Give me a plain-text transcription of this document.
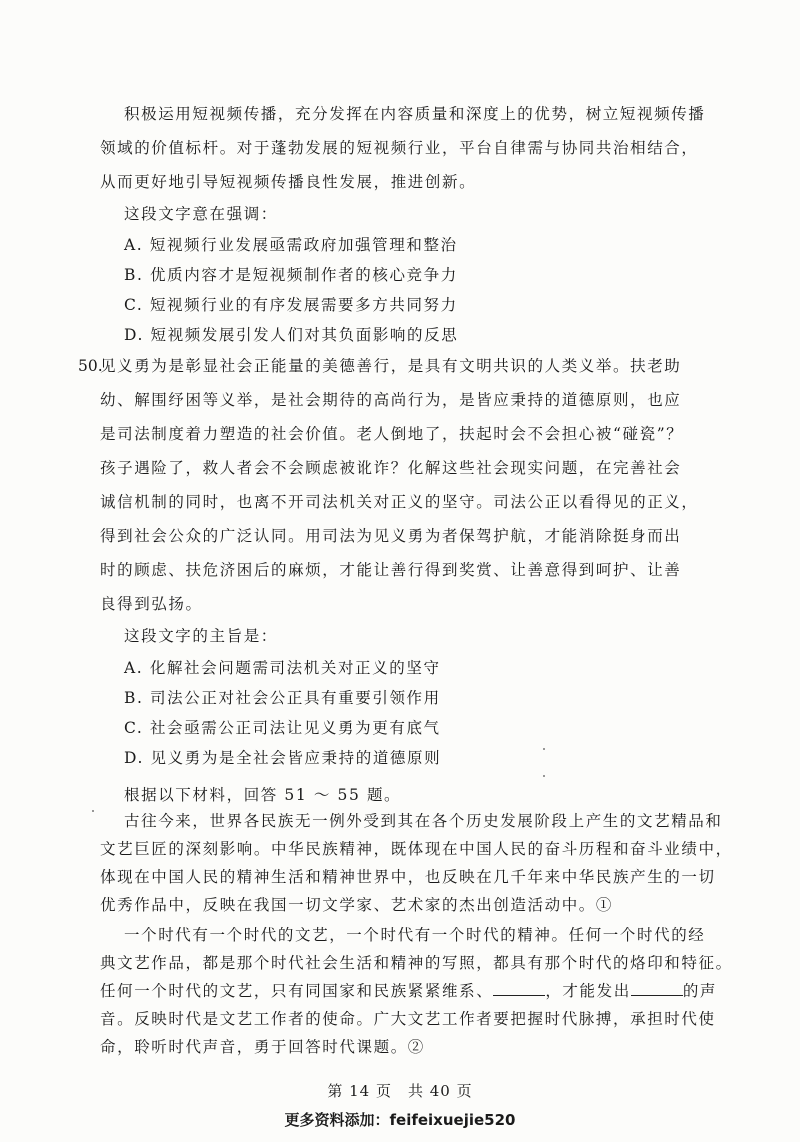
积极运用短视频传播，充分发挥在内容质量和深度上的优势，树立短视频传播
领域的价值标杆。对于蓬勃发展的短视频行业，平台自律需与协同共治相结合，
从而更好地引导短视频传播良性发展，推进创新。
这段文字意在强调：
A. 短视频行业发展亟需政府加强管理和整治
B. 优质内容才是短视频制作者的核心竞争力
C. 短视频行业的有序发展需要多方共同努力
D. 短视频发展引发人们对其负面影响的反思
50.
见义勇为是彰显社会正能量的美德善行，是具有文明共识的人类义举。扶老助
幼、解围纾困等义举，是社会期待的高尚行为，是皆应秉持的道德原则，也应
是司法制度着力塑造的社会价值。老人倒地了，扶起时会不会担心被“碰瓷”？
孩子遇险了，救人者会不会顾虑被讹诈？化解这些社会现实问题，在完善社会
诚信机制的同时，也离不开司法机关对正义的坚守。司法公正以看得见的正义，
得到社会公众的广泛认同。用司法为见义勇为者保驾护航，才能消除挺身而出
时的顾虑、扶危济困后的麻烦，才能让善行得到奖赏、让善意得到呵护、让善
良得到弘扬。
这段文字的主旨是：
A. 化解社会问题需司法机关对正义的坚守
B. 司法公正对社会公正具有重要引领作用
C. 社会亟需公正司法让见义勇为更有底气
D. 见义勇为是全社会皆应秉持的道德原则
根据以下材料，回答 51 ～ 55 题。
古往今来，世界各民族无一例外受到其在各个历史发展阶段上产生的文艺精品和
文艺巨匠的深刻影响。中华民族精神，既体现在中国人民的奋斗历程和奋斗业绩中，
体现在中国人民的精神生活和精神世界中，也反映在几千年来中华民族产生的一切
优秀作品中，反映在我国一切文学家、艺术家的杰出创造活动中。①
一个时代有一个时代的文艺，一个时代有一个时代的精神。任何一个时代的经
典文艺作品，都是那个时代社会生活和精神的写照，都具有那个时代的烙印和特征。
任何一个时代的文艺，只有同国家和民族紧紧维系、	，才能发出	的声
第 14 页　共 40 页
更多资料添加：feifeixuejie520
音。反映时代是文艺工作者的使命。广大文艺工作者要把握时代脉搏，承担时代使
命，聆听时代声音，勇于回答时代课题。②
